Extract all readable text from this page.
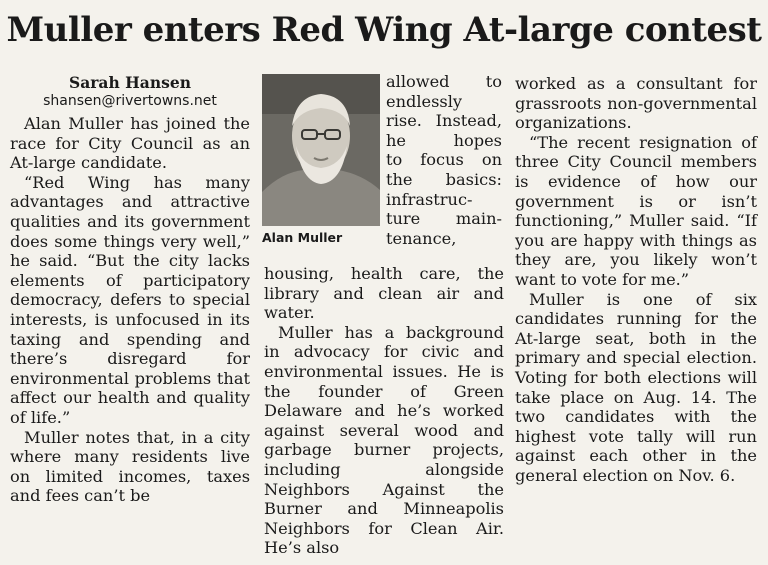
Muller enters Red Wing At-large contest
Sarah Hansen
shansen@rivertowns.net

Alan Muller has joined the race for City Council as an At-large candidate.

“Red Wing has many advantages and attractive qualities and its government does some things very well,” he said. “But the city lacks elements of participatory democracy, defers to special interests, is unfocused in its taxing and spending and there’s disregard for environmental problems that affect our health and quality of life.”

Muller notes that, in a city where many residents live on limited incomes, taxes and fees can’t be

Alan Muller
allowed to
endlessly
rise. Instead,
he hopes
to focus on
the basics:
infrastruc-
ture main-
tenance,

housing, health care, the library and clean air and water.

Muller has a background in advocacy for civic and environmental issues. He is the founder of Green Delaware and he’s worked against several wood and garbage burner projects, including alongside Neighbors Against the Burner and Minneapolis Neighbors for Clean Air. He’s also

worked as a consultant for grassroots non-governmental organizations.

“The recent resignation of three City Council members is evidence of how our government is or isn’t functioning,” Muller said. “If you are happy with things as they are, you likely won’t want to vote for me.”

Muller is one of six candidates running for the At-large seat, both in the primary and special election. Voting for both elections will take place on Aug. 14. The two candidates with the highest vote tally will run against each other in the general election on Nov. 6.
